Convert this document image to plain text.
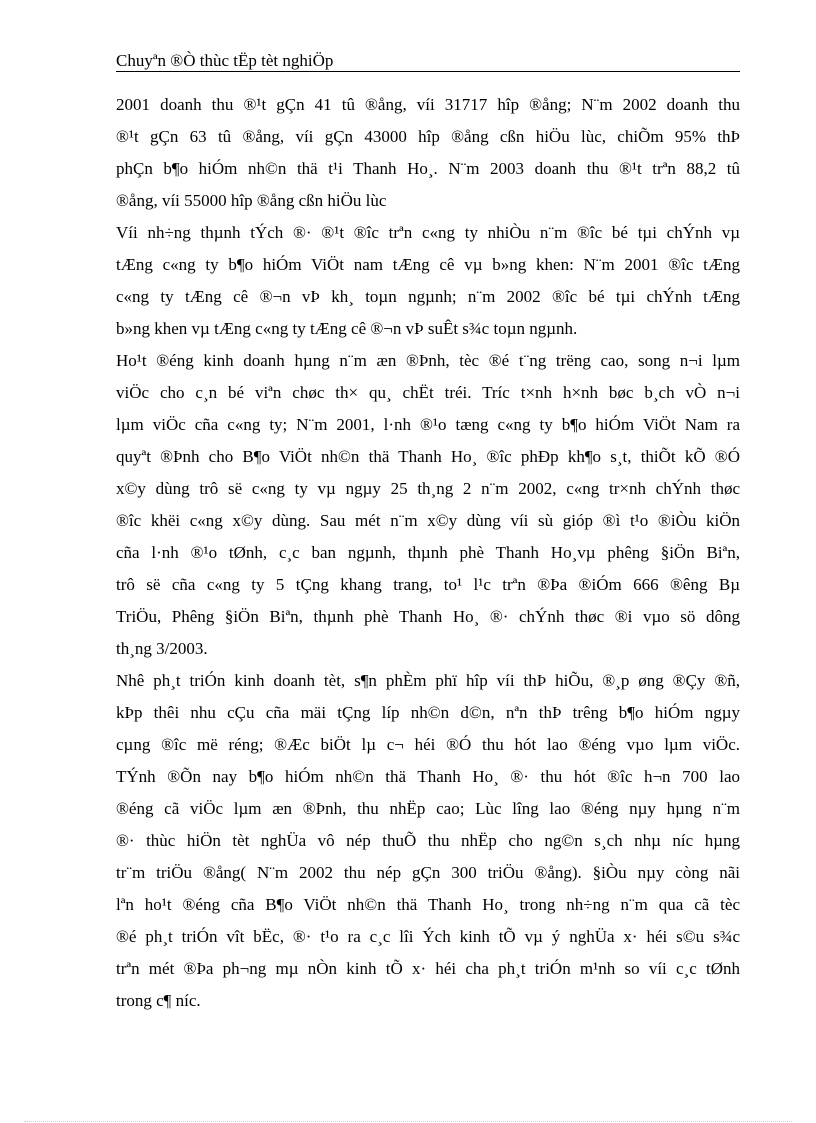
Chuyªn ®Ò thùc tËp tèt nghiÖp
2001 doanh thu ®¹t gÇn 41 tû ®ång, víi 31717 hîp ®ång; N¨m 2002 doanh thu
®¹t gÇn 63 tû ®ång, víi gÇn 43000 hîp ®ång cßn hiÖu lùc, chiÕm 95% thÞ
phÇn b¶o hiÓm nh©n thä t¹i Thanh Ho¸. N¨m 2003 doanh thu ®¹t trªn 88,2 tû
®ång, víi 55000 hîp ®ång cßn hiÖu lùc
Víi nh÷ng thµnh tÝch ®· ®¹t ®îc trªn c«ng ty nhiÒu n¨m ®îc bé tµi chÝnh vµ
tÆng c«ng ty b¶o hiÓm ViÖt nam tÆng cê vµ b»ng khen: N¨m 2001 ®îc tÆng
c«ng ty tÆng cê ®¬n vÞ kh¸ toµn ngµnh; n¨m 2002 ®îc bé tµi chÝnh tÆng
b»ng khen vµ tÆng c«ng ty tÆng cê ®¬n vÞ suÊt s¾c toµn ngµnh.
Ho¹t ®éng kinh doanh hµng n¨m æn ®Þnh, tèc ®é t¨ng trëng cao, song n¬i lµm
viÖc cho c¸n bé viªn chøc th× qu¸ chËt tréi. Tríc t×nh h×nh bøc b¸ch vÒ n¬i
lµm viÖc cña c«ng ty; N¨m 2001, l·nh ®¹o tæng c«ng ty b¶o hiÓm ViÖt Nam ra
quyªt ®Þnh cho B¶o ViÖt nh©n thä Thanh Ho¸ ®îc phÐp kh¶o s¸t, thiÕt kÕ ®Ó
x©y dùng trô së c«ng ty vµ ngµy 25 th¸ng 2 n¨m 2002, c«ng tr×nh chÝnh thøc
®îc khëi c«ng x©y dùng. Sau mét n¨m x©y dùng víi sù gióp ®ì t¹o ®iÒu kiÖn
cña l·nh ®¹o tØnh, c¸c ban ngµnh, thµnh phè Thanh Ho¸vµ phêng §iÖn Biªn,
trô së cña c«ng ty 5 tÇng khang trang, to¹ l¹c trªn ®Þa ®iÓm 666 ®êng Bµ
TriÖu, Phêng §iÖn Biªn, thµnh phè Thanh Ho¸ ®· chÝnh thøc ®i vµo sö dông
th¸ng 3/2003.
Nhê ph¸t triÓn kinh doanh tèt, s¶n phÈm phï hîp víi thÞ hiÕu, ®¸p øng ®Çy ®ñ,
kÞp thêi nhu cÇu cña mäi tÇng líp nh©n d©n, nªn thÞ trêng b¶o hiÓm ngµy
cµng ®îc më réng; ®Æc biÖt lµ c¬ héi ®Ó thu hót lao ®éng vµo lµm viÖc.
TÝnh ®Õn nay b¶o hiÓm nh©n thä Thanh Ho¸ ®· thu hót ®îc h¬n 700 lao
®éng cã viÖc lµm æn ®Þnh, thu nhËp cao; Lùc lîng lao ®éng nµy hµng n¨m
®· thùc hiÖn tèt nghÜa vô nép thuÕ thu nhËp cho ng©n s¸ch nhµ níc hµng
tr¨m triÖu ®ång( N¨m 2002 thu nép gÇn 300 triÖu ®ång). §iÒu nµy còng nãi
lªn ho¹t ®éng cña B¶o ViÖt nh©n thä Thanh Ho¸ trong nh÷ng n¨m qua cã tèc
®é ph¸t triÓn vît bËc, ®· t¹o ra c¸c lîi Ých kinh tÕ vµ ý nghÜa x· héi s©u s¾c
trªn mét ®Þa ph¬ng mµ nÒn kinh tÕ x· héi cha ph¸t triÓn m¹nh so víi c¸c tØnh
trong c¶ níc.
